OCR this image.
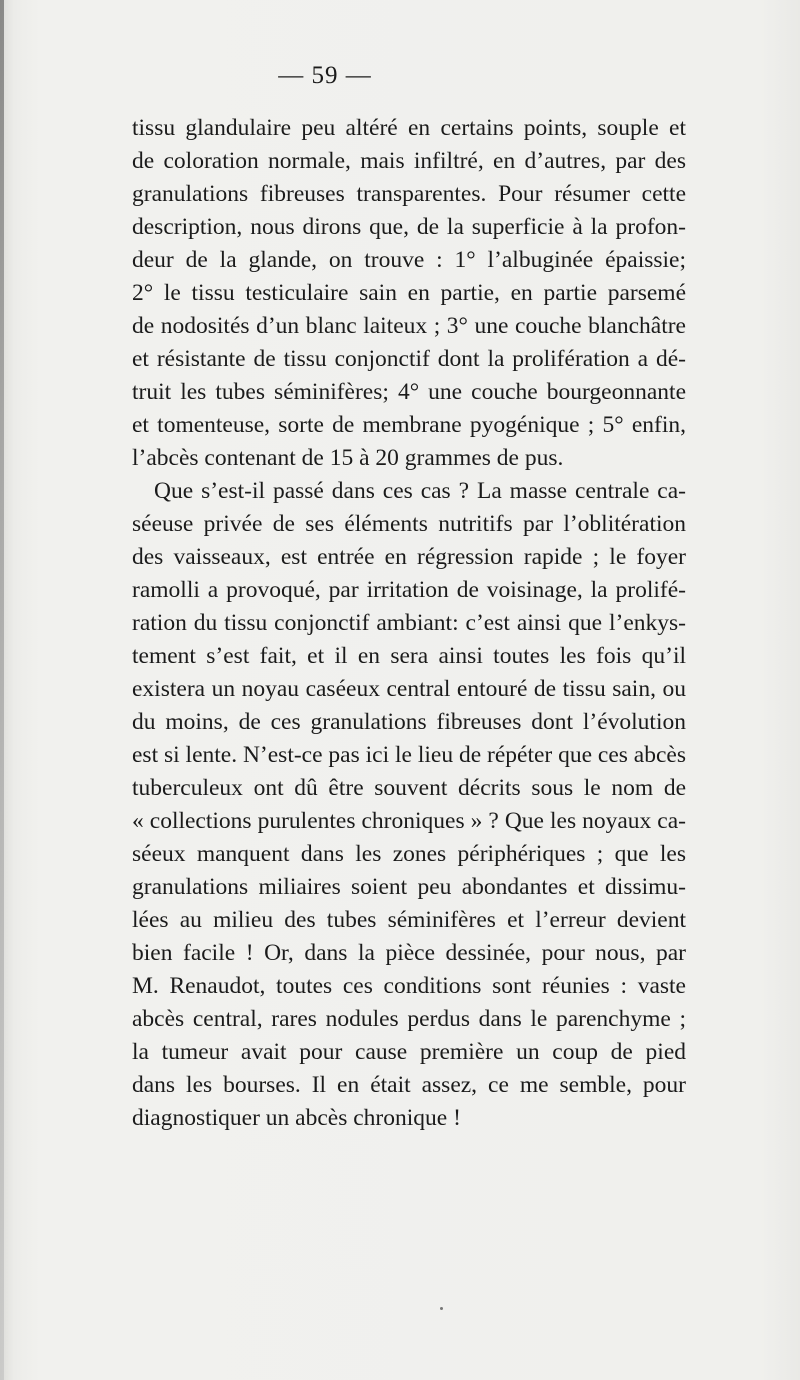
— 59 —
tissu glandulaire peu altéré en certains points, souple et
de coloration normale, mais infiltré, en d’autres, par des
granulations fibreuses transparentes. Pour résumer cette
description, nous dirons que, de la superficie à la profon-
deur de la glande, on trouve : 1° l’albuginée épaissie;
2° le tissu testiculaire sain en partie, en partie parsemé
de nodosités d’un blanc laiteux ; 3° une couche blanchâtre
et résistante de tissu conjonctif dont la prolifération a dé-
truit les tubes séminifères; 4° une couche bourgeonnante
et tomenteuse, sorte de membrane pyogénique ; 5° enfin,
l’abcès contenant de 15 à 20 grammes de pus.
Que s’est-il passé dans ces cas ? La masse centrale ca-
séeuse privée de ses éléments nutritifs par l’oblitération
des vaisseaux, est entrée en régression rapide ; le foyer
ramolli a provoqué, par irritation de voisinage, la prolifé-
ration du tissu conjonctif ambiant: c’est ainsi que l’enkys-
tement s’est fait, et il en sera ainsi toutes les fois qu’il
existera un noyau caséeux central entouré de tissu sain, ou
du moins, de ces granulations fibreuses dont l’évolution
est si lente. N’est-ce pas ici le lieu de répéter que ces abcès
tuberculeux ont dû être souvent décrits sous le nom de
« collections purulentes chroniques » ? Que les noyaux ca-
séeux manquent dans les zones périphériques ; que les
granulations miliaires soient peu abondantes et dissimu-
lées au milieu des tubes séminifères et l’erreur devient
bien facile ! Or, dans la pièce dessinée, pour nous, par
M. Renaudot, toutes ces conditions sont réunies : vaste
abcès central, rares nodules perdus dans le parenchyme ;
la tumeur avait pour cause première un coup de pied
dans les bourses. Il en était assez, ce me semble, pour
diagnostiquer un abcès chronique !
